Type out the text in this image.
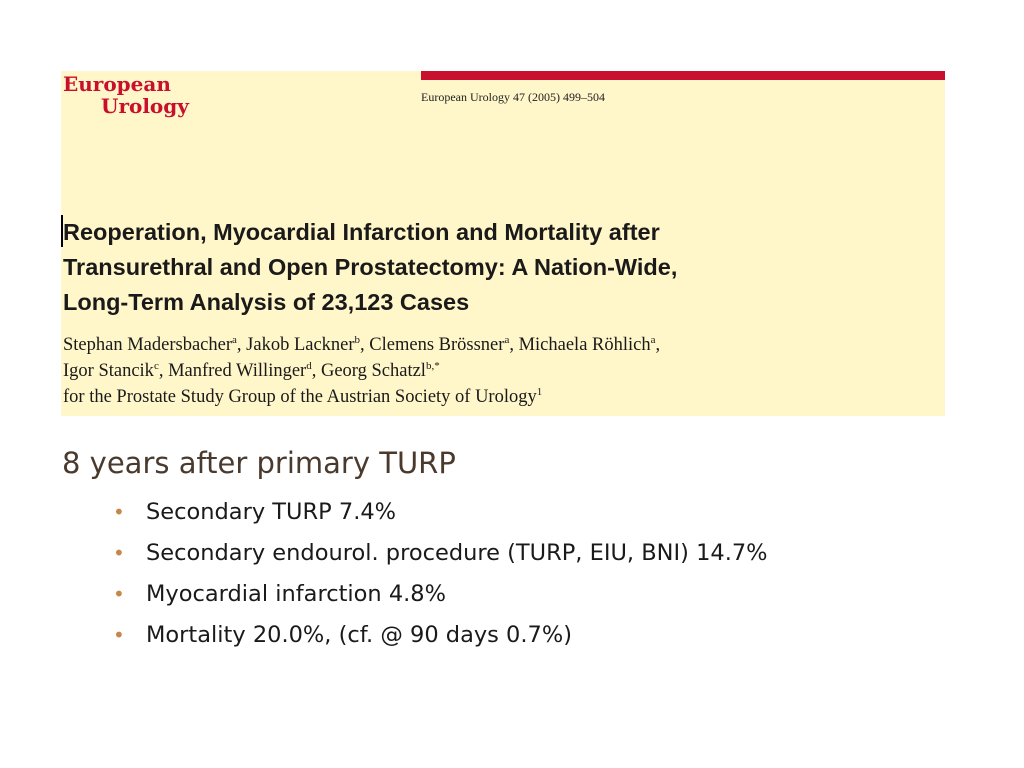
European
Urology	European Urology 47 (2005) 499–504
Reoperation, Myocardial Infarction and Mortality after
Transurethral and Open Prostatectomy: A Nation-Wide,
Long-Term Analysis of 23,123 Cases
Stephan Madersbacher$^a$, Jakob Lackner$^b$, Clemens Brössner$^a$, Michaela Röhlich$^a$,
Igor Stancik$^c$, Manfred Willinger$^d$, Georg Schatzl$^{b,*}$
for the Prostate Study Group of the Austrian Society of Urology$^1$
8 years after primary TURP
• Secondary TURP 7.4%
• Secondary endourol. procedure (TURP, EIU, BNI) 14.7%
• Myocardial infarction 4.8%
• Mortality 20.0%, (cf. @ 90 days 0.7%)
